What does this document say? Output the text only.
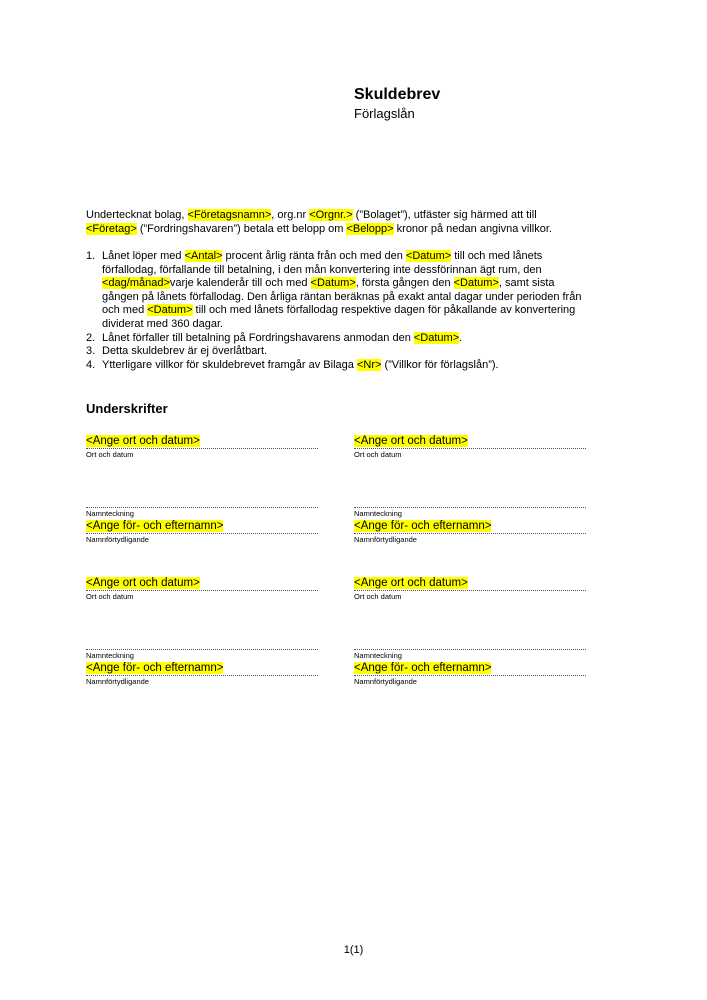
Skuldebrev
Förlagslån

Undertecknat bolag, <Företagsnamn>, org.nr <Orgnr.> (”Bolaget”), utfäster sig härmed att till
<Företag> (”Fordringshavaren”) betala ett belopp om <Belopp> kronor på nedan angivna villkor.

1. Lånet löper med <Antal> procent årlig ränta från och med den <Datum> till och med lånets
förfallodag, förfallande till betalning, i den mån konvertering inte dessförinnan ägt rum, den
<dag/månad>varje kalenderår till och med <Datum>, första gången den <Datum>, samt sista
gången på lånets förfallodag. Den årliga räntan beräknas på exakt antal dagar under perioden från
och med <Datum> till och med lånets förfallodag respektive dagen för påkallande av konvertering
dividerat med 360 dagar.
2. Lånet förfaller till betalning på Fordringshavarens anmodan den <Datum>.
3. Detta skuldebrev är ej överlåtbart.
4. Ytterligare villkor för skuldebrevet framgår av Bilaga <Nr> (”Villkor för förlagslån”).
Underskrifter
<Ange ort och datum>
Ort och datum
Namnteckning
<Ange för- och efternamn>
Namnförtydligande
<Ange ort och datum>
Ort och datum
Namnteckning
<Ange för- och efternamn>
Namnförtydligande
<Ange ort och datum>
Ort och datum
Namnteckning
<Ange för- och efternamn>
Namnförtydligande
<Ange ort och datum>
Ort och datum
Namnteckning
<Ange för- och efternamn>
Namnförtydligande
1(1)
